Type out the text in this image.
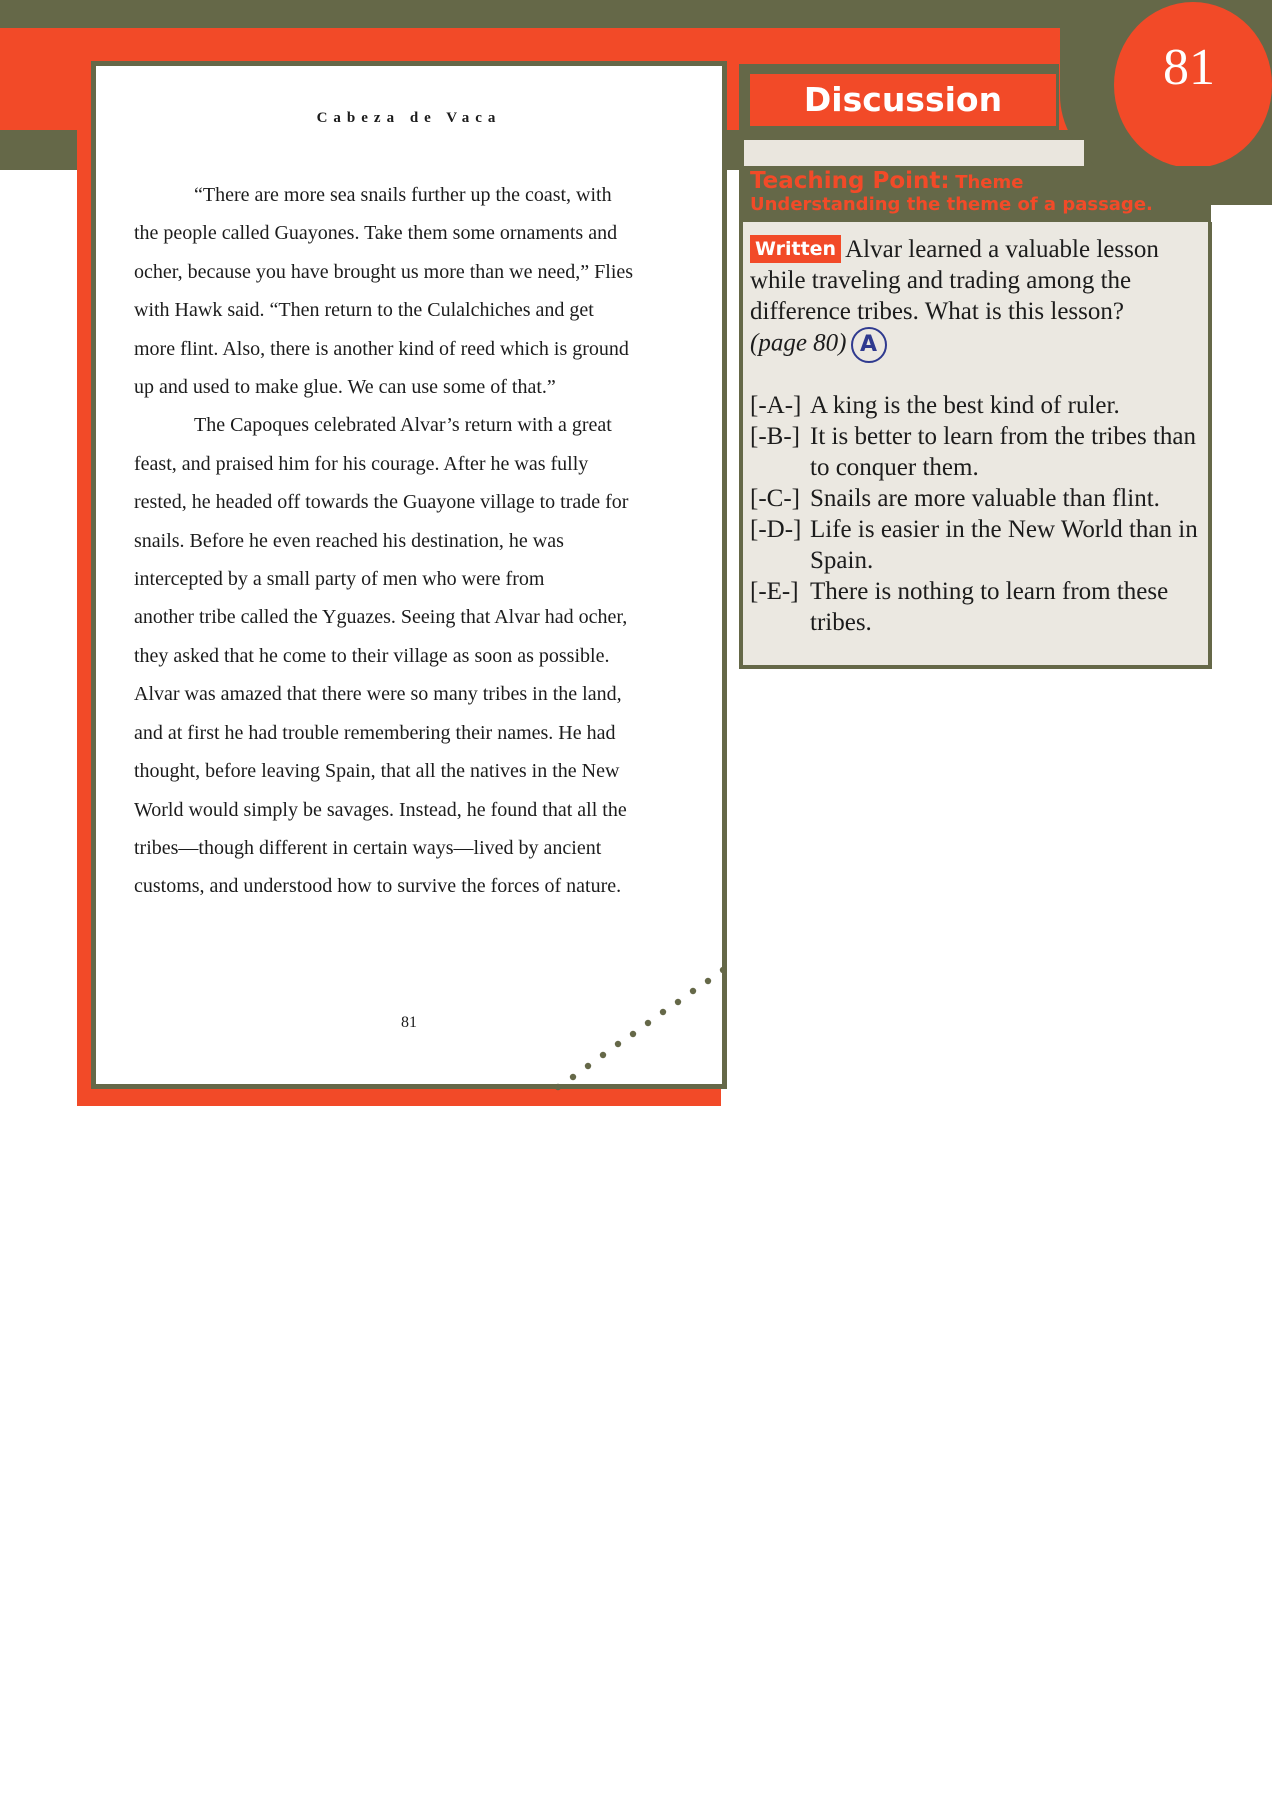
81
Cabeza de Vaca

“There are more sea snails further up the coast, with

the people called Guayones. Take them some ornaments and

ocher, because you have brought us more than we need,” Flies

with Hawk said. “Then return to the Culalchiches and get

more flint. Also, there is another kind of reed which is ground

up and used to make glue. We can use some of that.”

The Capoques celebrated Alvar’s return with a great

feast, and praised him for his courage. After he was fully

rested, he headed off towards the Guayone village to trade for

snails. Before he even reached his destination, he was

intercepted by a small party of men who were from

another tribe called the Yguazes. Seeing that Alvar had ocher,

they asked that he come to their village as soon as possible.

Alvar was amazed that there were so many tribes in the land,

and at first he had trouble remembering their names. He had

thought, before leaving Spain, that all the natives in the New

World would simply be savages. Instead, he found that all the

tribes—though different in certain ways—lived by ancient

customs, and understood how to survive the forces of nature.

81
Discussion
Teaching Point: Theme
Understanding the theme of a passage.
Written Alvar learned a valuable lesson while traveling and trading among the difference tribes. What is this lesson?
(page 80) A
[-A-] A king is the best kind of ruler.
[-B-] It is better to learn from the tribes than to conquer them.
[-C-] Snails are more valuable than flint.
[-D-] Life is easier in the New World than in Spain.
[-E-] There is nothing to learn from these tribes.
